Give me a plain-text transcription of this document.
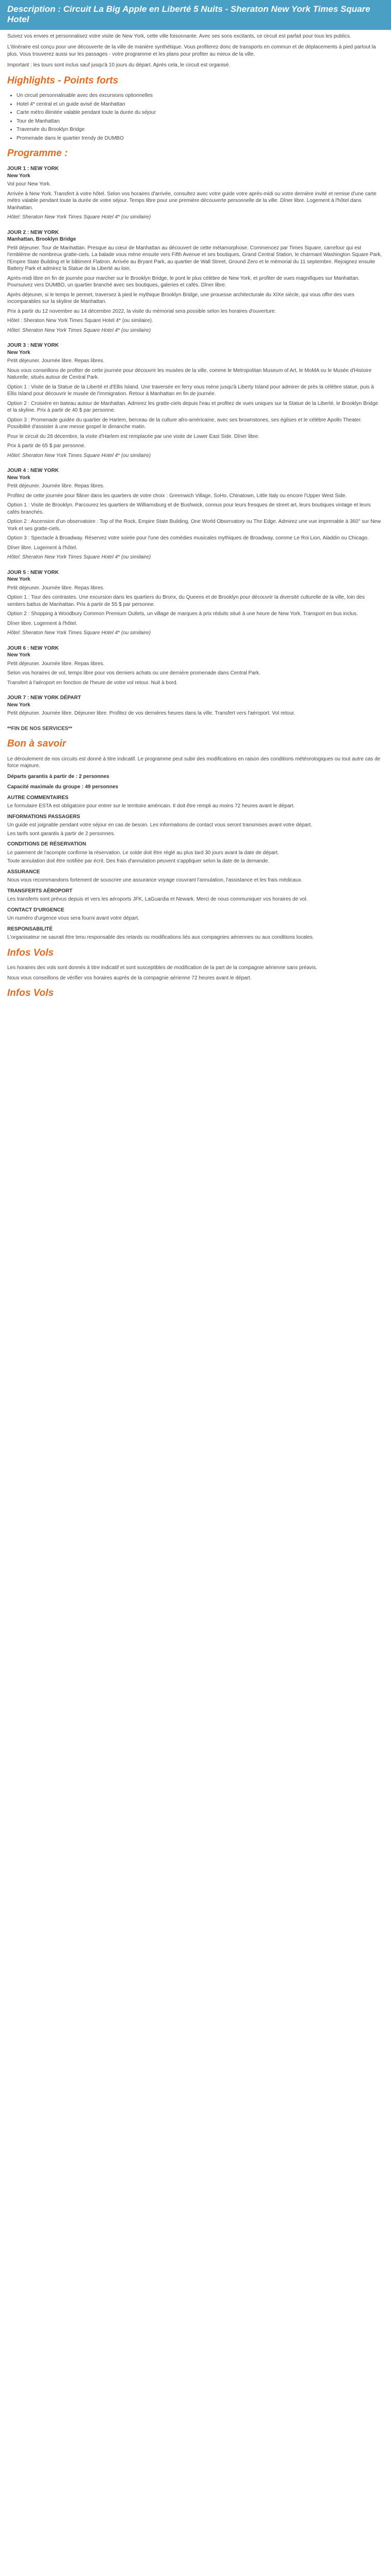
Description : Circuit La Big Apple en Liberté 5 Nuits - Sheraton New York Times Square Hotel

Suivez vos envies et personnalisez votre visite de New York, cette ville foisonnante. Avec ses sons excitants, ce circuit est parfait pour tous les publics.

L'itinéraire est conçu pour une découverte de la ville de manière synthétique. Vous profiterez donc de transports en commun et de déplacements à pied partout la plus. Vous trouverez aussi sur les passages - votre programme et les plans pour profiter au mieux de la ville.

Important : les tours sont inclus sauf jusqu'à 10 jours du départ. Après cela, le circuit est organisé.

Highlights - Points forts
• Un circuit personnalisable avec des excursions optionnelles
• Hotel 4* central et un guide avisé de Manhattan
• Carte métro illimitée valable pendant toute la durée du séjour
• Tour de Manhattan
• Traversée du Brooklyn Bridge
• Promenade dans le quartier trendy de DUMBO
Programme :

JOUR 1 : NEW YORK

New York

Vol pour New York.

Arrivée à New York. Transfert à votre hôtel. Selon vos horaires d'arrivée, consultez avec votre guide votre après-midi ou votre dernière invité et remise d'une carte métro valable pendant toute la durée de votre séjour. Temps libre pour une première découverte personnelle de la ville. Dîner libre. Logement à l'hôtel dans Manhattan.

Hôtel: Sheraton New York Times Square Hotel 4* (ou similaire)

JOUR 2 : NEW YORK

Manhattan, Brooklyn Bridge

Petit déjeuner. Tour de Manhattan. Presque au cœur de Manhattan au découvert de cette métamorphose. Commencez par Times Square, carrefour qui est l'emblème de nombreux gratte-ciels. La balade vous mène ensuite vers Fifth Avenue et ses boutiques, Grand Central Station, le charmant Washington Square Park, l'Empire State Building et le bâtiment Flatiron. Arrivée au Bryant Park, au quartier de Wall Street, Ground Zero et le mémorial du 11 septembre. Rejoignez ensuite Battery Park et admirez la Statue de la Liberté au loin.

Après-midi libre en fin de journée pour marcher sur le Brooklyn Bridge, le pont le plus célèbre de New York, et profiter de vues magnifiques sur Manhattan. Poursuivez vers DUMBO, un quartier branché avec ses boutiques, galeries et cafés. Dîner libre.

Après déjeuner, si le temps le permet, traversez à pied le mythique Brooklyn Bridge, une prouesse architecturale du XIXe siècle, qui vous offre des vues incomparables sur la skyline de Manhattan.

Prix à partir du 12 novembre au 14 décembre 2022, la visite du mémorial sera possible selon les horaires d'ouverture.

Hôtel : Sheraton New York Times Square Hotel 4* (ou similaire).

Hôtel: Sheraton New York Times Square Hotel 4* (ou similaire)

JOUR 3 : NEW YORK

New York

Petit déjeuner. Journée libre. Repas libres.

Nous vous conseillons de profiter de cette journée pour découvrir les musées de la ville, comme le Metropolitan Museum of Art, le MoMA ou le Musée d'Histoire Naturelle, situés autour de Central Park.

Option 1 : Visite de la Statue de la Liberté et d'Ellis Island. Une traversée en ferry vous mène jusqu'à Liberty Island pour admirer de près la célèbre statue, puis à Ellis Island pour découvrir le musée de l'immigration. Retour à Manhattan en fin de journée.

Option 2 : Croisière en bateau autour de Manhattan. Admirez les gratte-ciels depuis l'eau et profitez de vues uniques sur la Statue de la Liberté, le Brooklyn Bridge et la skyline. Prix à partir de 40 $ par personne.

Option 3 : Promenade guidée du quartier de Harlem, berceau de la culture afro-américaine, avec ses brownstones, ses églises et le célèbre Apollo Theater. Possibilité d'assister à une messe gospel le dimanche matin.

Pour le circuit du 28 décembre, la visite d'Harlem est remplacée par une visite de Lower East Side. Dîner libre.

Prix à partir de 65 $ par personne.

Hôtel: Sheraton New York Times Square Hotel 4* (ou similaire)

JOUR 4 : NEW YORK

New York

Petit déjeuner. Journée libre. Repas libres.

Profitez de cette journée pour flâner dans les quartiers de votre choix : Greenwich Village, SoHo, Chinatown, Little Italy ou encore l'Upper West Side.

Option 1 : Visite de Brooklyn. Parcourez les quartiers de Williamsburg et de Bushwick, connus pour leurs fresques de street art, leurs boutiques vintage et leurs cafés branchés.

Option 2 : Ascension d'un observatoire : Top of the Rock, Empire State Building, One World Observatory ou The Edge. Admirez une vue imprenable à 360° sur New York et ses gratte-ciels.

Option 3 : Spectacle à Broadway. Réservez votre soirée pour l'une des comédies musicales mythiques de Broadway, comme Le Roi Lion, Aladdin ou Chicago.

Dîner libre. Logement à l'hôtel.

Hôtel: Sheraton New York Times Square Hotel 4* (ou similaire)

JOUR 5 : NEW YORK

New York

Petit déjeuner. Journée libre. Repas libres.

Option 1 : Tour des contrastes. Une excursion dans les quartiers du Bronx, du Queens et de Brooklyn pour découvrir la diversité culturelle de la ville, loin des sentiers battus de Manhattan. Prix à partir de 55 $ par personne.

Option 2 : Shopping à Woodbury Common Premium Outlets, un village de marques à prix réduits situé à une heure de New York. Transport en bus inclus.

Dîner libre. Logement à l'hôtel.

Hôtel: Sheraton New York Times Square Hotel 4* (ou similaire)

JOUR 6 : NEW YORK

New York

Petit déjeuner. Journée libre. Repas libres.

Selon vos horaires de vol, temps libre pour vos derniers achats ou une dernière promenade dans Central Park.

Transfert à l'aéroport en fonction de l'heure de votre vol retour. Nuit à bord.

JOUR 7 : NEW YORK DÉPART

New York

Petit déjeuner. Journée libre. Déjeuner libre. Profitez de vos dernières heures dans la ville. Transfert vers l'aéroport. Vol retour.

**FIN DE NOS SERVICES**

Bon à savoir

Le déroulement de nos circuits est donné à titre indicatif. Le programme peut subir des modifications en raison des conditions météorologiques ou tout autre cas de force majeure.

Départs garantis à partir de : 2 personnes

Capacité maximale du groupe : 49 personnes

AUTRE COMMENTAIRES

Le formulaire ESTA est obligatoire pour entrer sur le territoire américain. Il doit être rempli au moins 72 heures avant le départ.

INFORMATIONS PASSAGERS

Un guide est joignable pendant votre séjour en cas de besoin. Les informations de contact vous seront transmises avant votre départ.

Les tarifs sont garantis à partir de 2 personnes.

CONDITIONS DE RÉSERVATION

Le paiement de l'acompte confirme la réservation. Le solde doit être réglé au plus tard 30 jours avant la date de départ.

Toute annulation doit être notifiée par écrit. Des frais d'annulation peuvent s'appliquer selon la date de la demande.

ASSURANCE

Nous vous recommandons fortement de souscrire une assurance voyage couvrant l'annulation, l'assistance et les frais médicaux.

TRANSFERTS AÉROPORT

Les transferts sont prévus depuis et vers les aéroports JFK, LaGuardia et Newark. Merci de nous communiquer vos horaires de vol.

CONTACT D'URGENCE

Un numéro d'urgence vous sera fourni avant votre départ.

RESPONSABILITÉ

L'organisateur ne saurait être tenu responsable des retards ou modifications liés aux compagnies aériennes ou aux conditions locales.

Infos Vols

Les horaires des vols sont donnés à titre indicatif et sont susceptibles de modification de la part de la compagnie aérienne sans préavis.

Nous vous conseillons de vérifier vos horaires auprès de la compagnie aérienne 72 heures avant le départ.

Infos Vols
